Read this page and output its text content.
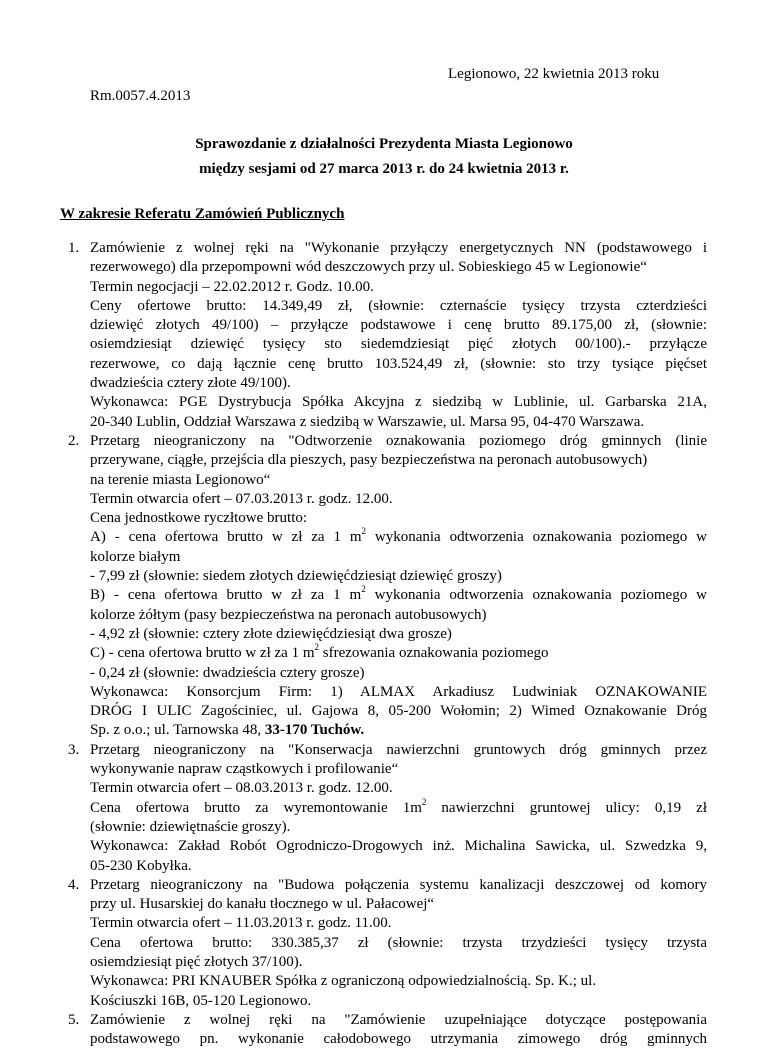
Legionowo, 22 kwietnia 2013 roku
Rm.0057.4.2013
Sprawozdanie z działalności Prezydenta Miasta Legionowo
między sesjami od 27 marca 2013 r. do 24 kwietnia 2013 r.
W zakresie Referatu Zamówień Publicznych
1. Zamówienie z wolnej ręki na "Wykonanie przyłączy energetycznych NN (podstawowego i
rezerwowego) dla przepompowni wód deszczowych przy ul. Sobieskiego 45 w Legionowie“
Termin negocjacji – 22.02.2012 r. Godz. 10.00.
Ceny ofertowe brutto: 14.349,49 zł, (słownie: czternaście tysięcy trzysta czterdzieści
dziewięć złotych 49/100) – przyłącze podstawowe i cenę brutto 89.175,00 zł, (słownie:
osiemdziesiąt dziewięć tysięcy sto siedemdziesiąt pięć złotych 00/100).- przyłącze
rezerwowe, co dają łącznie cenę brutto 103.524,49 zł, (słownie: sto trzy tysiące pięćset
dwadzieścia cztery złote 49/100).
Wykonawca: PGE Dystrybucja Spółka Akcyjna z siedzibą w Lublinie, ul. Garbarska 21A,
20-340 Lublin, Oddział Warszawa z siedzibą w Warszawie, ul. Marsa 95, 04-470 Warszawa.
2. Przetarg nieograniczony na "Odtworzenie oznakowania poziomego dróg gminnych (linie
przerywane, ciągłe, przejścia dla pieszych, pasy bezpieczeństwa na peronach autobusowych)
na terenie miasta Legionowo“
Termin otwarcia ofert – 07.03.2013 r. godz. 12.00.
Cena jednostkowe ryczłtowe brutto:
A) - cena ofertowa brutto w zł za 1 $m^2$ wykonania odtworzenia oznakowania poziomego w
kolorze białym
- 7,99 zł (słownie: siedem złotych dziewięćdziesiąt dziewięć groszy)
B) - cena ofertowa brutto w zł za 1 $m^2$ wykonania odtworzenia oznakowania poziomego w
kolorze żółtym (pasy bezpieczeństwa na peronach autobusowych)
- 4,92 zł (słownie: cztery złote dziewięćdziesiąt dwa grosze)
C) - cena ofertowa brutto w zł za 1 $m^2$ sfrezowania oznakowania poziomego
- 0,24 zł (słownie: dwadzieścia cztery grosze)
Wykonawca: Konsorcjum Firm: 1) ALMAX Arkadiusz Ludwiniak OZNAKOWANIE
DRÓG I ULIC Zagościniec, ul. Gajowa 8, 05-200 Wołomin; 2) Wimed Oznakowanie Dróg
Sp. z o.o.; ul. Tarnowska 48, 33-170 Tuchów.
3. Przetarg nieograniczony na "Konserwacja nawierzchni gruntowych dróg gminnych przez
wykonywanie napraw cząstkowych i profilowanie“
Termin otwarcia ofert – 08.03.2013 r. godz. 12.00.
Cena ofertowa brutto za wyremontowanie $1m^2$ nawierzchni gruntowej ulicy: 0,19 zł
(słownie: dziewiętnaście groszy).
Wykonawca: Zakład Robót Ogrodniczo-Drogowych inż. Michalina Sawicka, ul. Szwedzka 9,
05-230 Kobyłka.
4. Przetarg nieograniczony na "Budowa połączenia systemu kanalizacji deszczowej od komory
przy ul. Husarskiej do kanału tłocznego w ul. Pałacowej“
Termin otwarcia ofert – 11.03.2013 r. godz. 11.00.
Cena ofertowa brutto: 330.385,37 zł (słownie: trzysta trzydzieści tysięcy trzysta
osiemdziesiąt pięć złotych 37/100).
Wykonawca: PRI KNAUBER Spółka z ograniczoną odpowiedzialnością. Sp. K.; ul.
Kościuszki 16B, 05-120 Legionowo.
5. Zamówienie z wolnej ręki na "Zamówienie uzupełniające dotyczące postępowania
podstawowego pn. wykonanie całodobowego utrzymania zimowego dróg gminnych
